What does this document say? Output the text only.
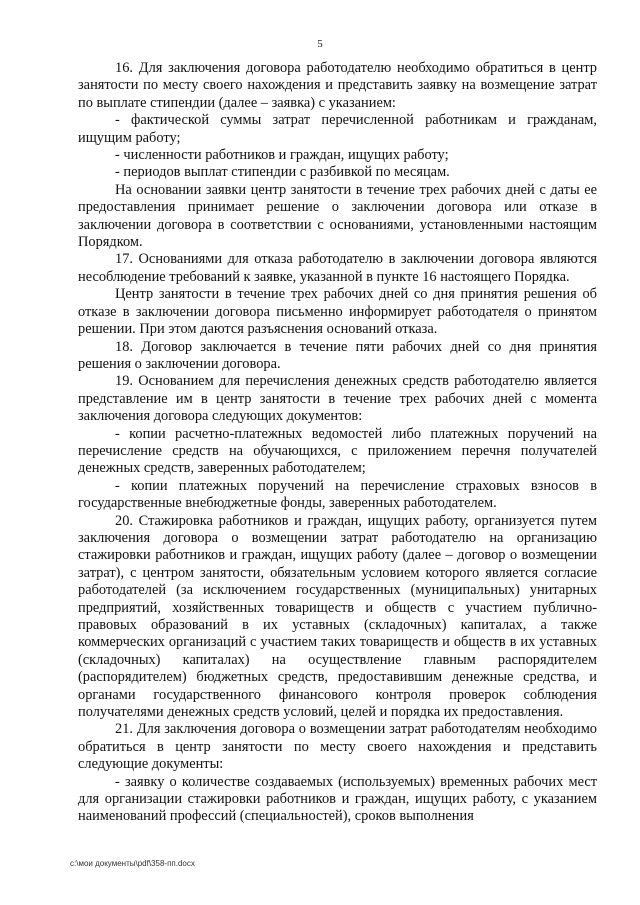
5

16. Для заключения договора работодателю необходимо обратиться в центр занятости по месту своего нахождения и представить заявку на возмещение затрат по выплате стипендии (далее – заявка) с указанием:

- фактической суммы затрат перечисленной работникам и гражданам, ищущим работу;

- численности работников и граждан, ищущих работу;

- периодов выплат стипендии с разбивкой по месяцам.

На основании заявки центр занятости в течение трех рабочих дней с даты ее предоставления принимает решение о заключении договора или отказе в заключении договора в соответствии с основаниями, установленными настоящим Порядком.

17. Основаниями для отказа работодателю в заключении договора являются несоблюдение требований к заявке, указанной в пункте 16 настоящего Порядка.

Центр занятости в течение трех рабочих дней со дня принятия решения об отказе в заключении договора письменно информирует работодателя о принятом решении. При этом даются разъяснения оснований отказа.

18. Договор заключается в течение пяти рабочих дней со дня принятия решения о заключении договора.

19. Основанием для перечисления денежных средств работодателю является представление им в центр занятости в течение трех рабочих дней с момента заключения договора следующих документов:

- копии расчетно-платежных ведомостей либо платежных поручений на перечисление средств на обучающихся, с приложением перечня получателей денежных средств, заверенных работодателем;

- копии платежных поручений на перечисление страховых взносов в государственные внебюджетные фонды, заверенных работодателем.

20. Стажировка работников и граждан, ищущих работу, организуется путем заключения договора о возмещении затрат работодателю на организацию стажировки работников и граждан, ищущих работу (далее – договор о возмещении затрат), с центром занятости, обязательным условием которого является согласие работодателей (за исключением государственных (муниципальных) унитарных предприятий, хозяйственных товариществ и обществ с участием публично-правовых образований в их уставных (складочных) капиталах, а также коммерческих организаций с участием таких товариществ и обществ в их уставных (складочных) капиталах) на осуществление главным распорядителем (распорядителем) бюджетных средств, предоставившим денежные средства, и органами государственного финансового контроля проверок соблюдения получателями денежных средств условий, целей и порядка их предоставления.

21. Для заключения договора о возмещении затрат работодателям необходимо обратиться в центр занятости по месту своего нахождения и представить следующие документы:

- заявку о количестве создаваемых (используемых) временных рабочих мест для организации стажировки работников и граждан, ищущих работу, с указанием наименований профессий (специальностей), сроков выполнения

c:\мои документы\pdf\358-пп.docx
